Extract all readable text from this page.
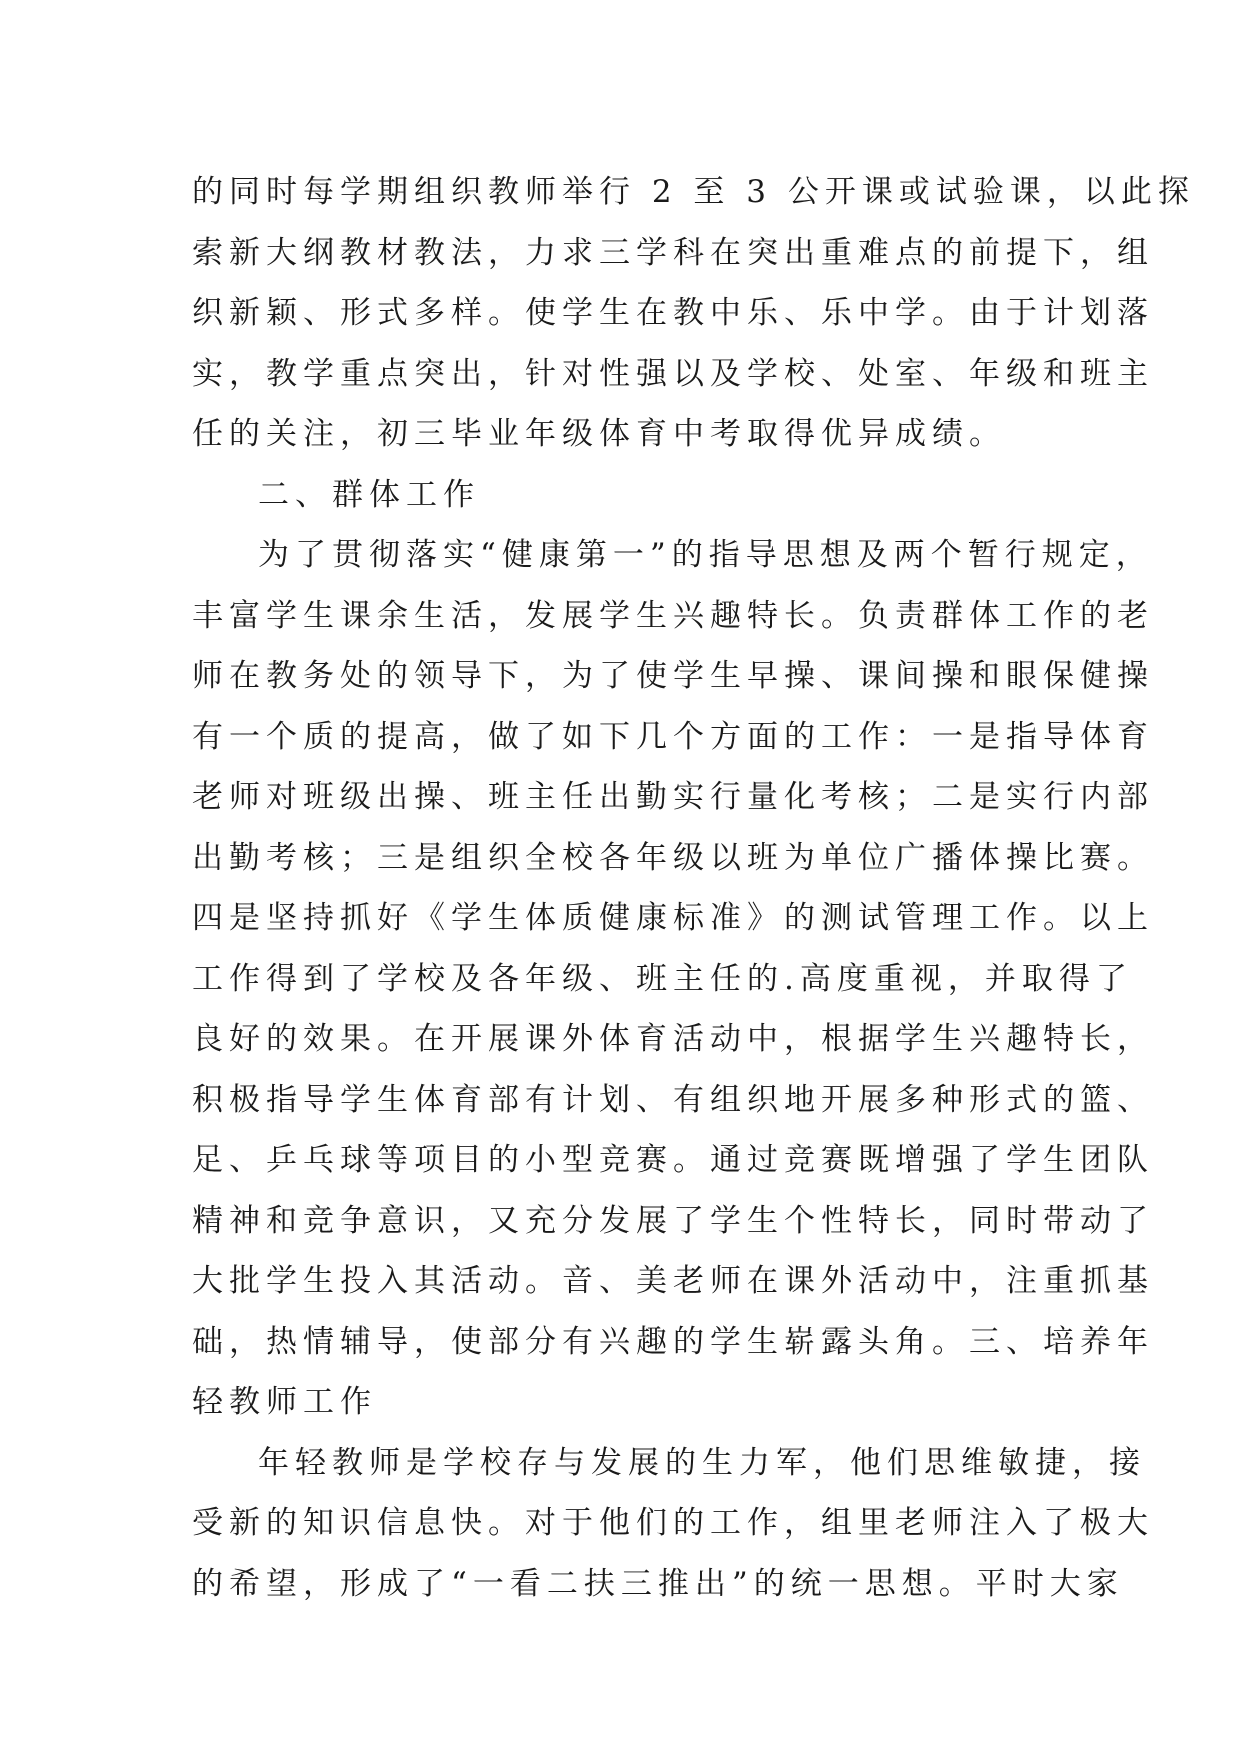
的同时每学期组织教师举行 2 至 3 公开课或试验课，以此探
索新大纲教材教法，力求三学科在突出重难点的前提下，组
织新颖、形式多样。使学生在教中乐、乐中学。由于计划落
实，教学重点突出，针对性强以及学校、处室、年级和班主
任的关注，初三毕业年级体育中考取得优异成绩。
二、群体工作
为了贯彻落实“健康第一”的指导思想及两个暂行规定，
丰富学生课余生活，发展学生兴趣特长。负责群体工作的老
师在教务处的领导下，为了使学生早操、课间操和眼保健操
有一个质的提高，做了如下几个方面的工作：一是指导体育
老师对班级出操、班主任出勤实行量化考核；二是实行内部
出勤考核；三是组织全校各年级以班为单位广播体操比赛。
四是坚持抓好《学生体质健康标准》的测试管理工作。以上
工作得到了学校及各年级、班主任的.高度重视，并取得了
良好的效果。在开展课外体育活动中，根据学生兴趣特长，
积极指导学生体育部有计划、有组织地开展多种形式的篮、
足、乒乓球等项目的小型竞赛。通过竞赛既增强了学生团队
精神和竞争意识，又充分发展了学生个性特长，同时带动了
大批学生投入其活动。音、美老师在课外活动中，注重抓基
础，热情辅导，使部分有兴趣的学生崭露头角。三、培养年
轻教师工作
年轻教师是学校存与发展的生力军，他们思维敏捷，接
受新的知识信息快。对于他们的工作，组里老师注入了极大
的希望，形成了“一看二扶三推出”的统一思想。平时大家
